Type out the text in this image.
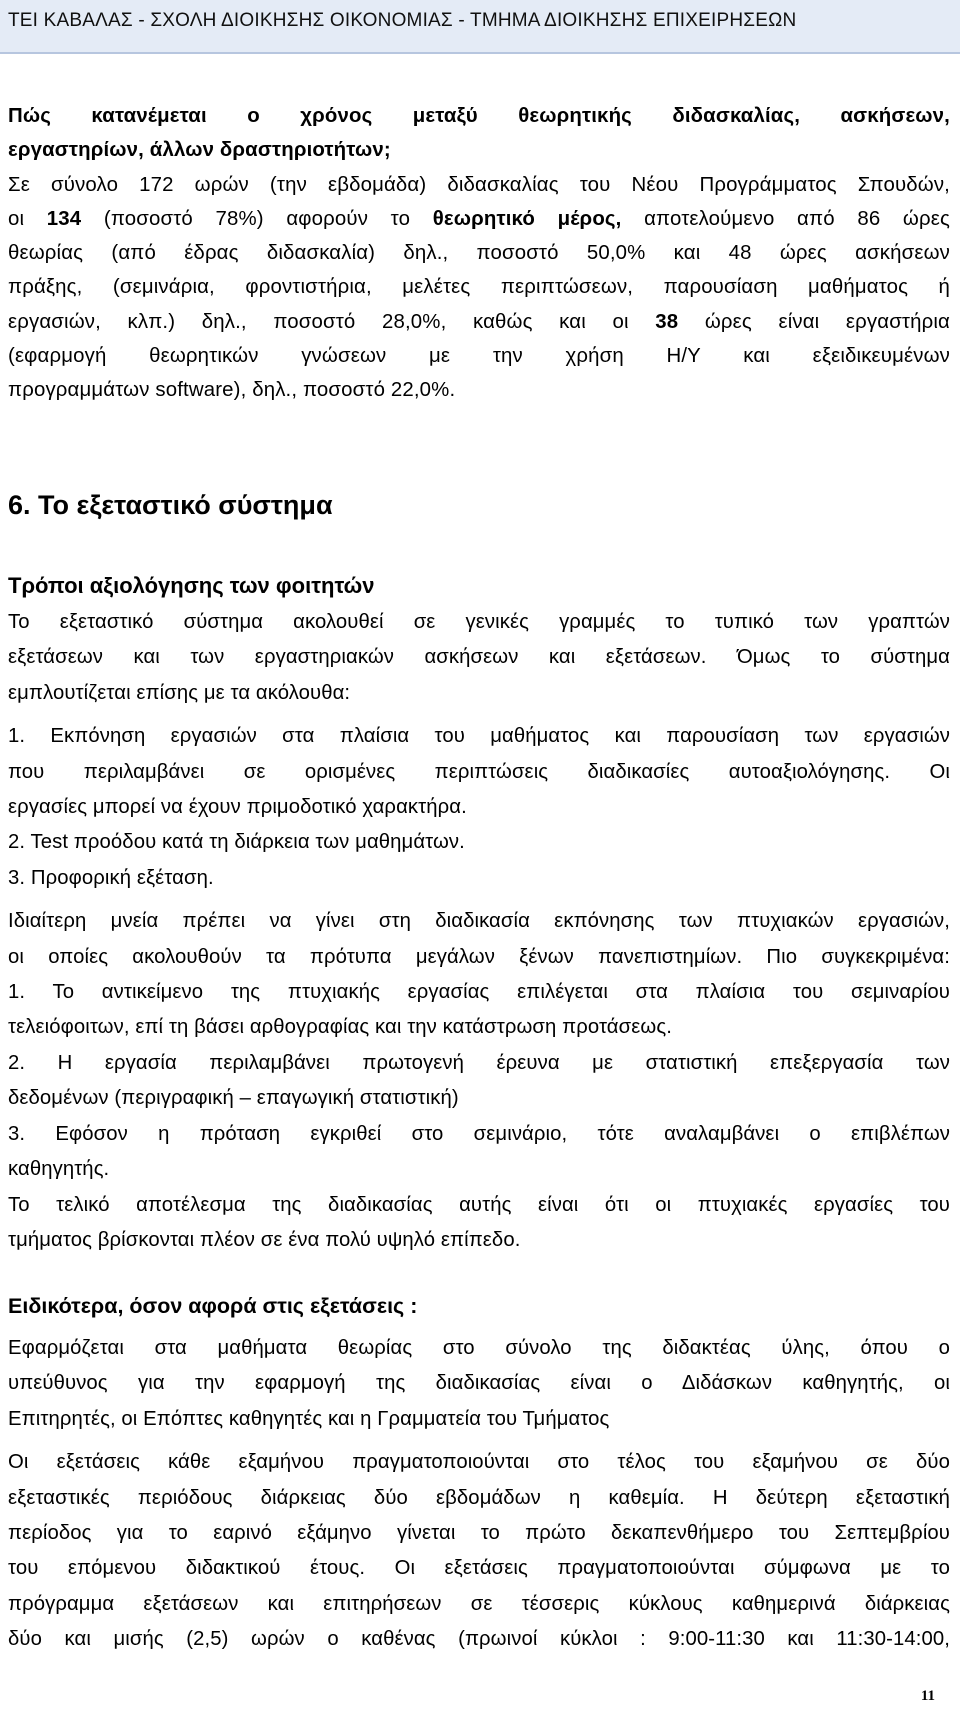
ΤΕΙ ΚΑΒΑΛΑΣ - ΣΧΟΛΗ ΔΙΟΙΚΗΣΗΣ ΟΙΚΟΝΟΜΙΑΣ - ΤΜΗΜΑ ΔΙΟΙΚΗΣΗΣ ΕΠΙΧΕΙΡΗΣΕΩΝ

Πώς κατανέμεται ο χρόνος μεταξύ θεωρητικής διδασκαλίας, ασκήσεων,

εργαστηρίων, άλλων δραστηριοτήτων;

Σε σύνολο 172 ωρών (την εβδομάδα) διδασκαλίας του Νέου Προγράμματος Σπουδών,

οι 134 (ποσοστό 78%) αφορούν το θεωρητικό μέρος, αποτελούμενο από 86 ώρες

θεωρίας (από έδρας διδασκαλία) δηλ., ποσοστό 50,0% και 48 ώρες ασκήσεων

πράξης, (σεμινάρια, φροντιστήρια, μελέτες περιπτώσεων, παρουσίαση μαθήματος ή

εργασιών, κλπ.) δηλ., ποσοστό 28,0%, καθώς και οι 38 ώρες είναι εργαστήρια

(εφαρμογή θεωρητικών γνώσεων με την χρήση Η/Υ και εξειδικευμένων

προγραμμάτων software), δηλ., ποσοστό 22,0%.

6. Το εξεταστικό σύστημα
Τρόποι αξιολόγησης των φοιτητών

Το εξεταστικό σύστημα ακολουθεί σε γενικές γραμμές το τυπικό των γραπτών

εξετάσεων και των εργαστηριακών ασκήσεων και εξετάσεων. Όμως το σύστημα

εμπλουτίζεται επίσης με τα ακόλουθα:

1. Εκπόνηση εργασιών στα πλαίσια του μαθήματος και παρουσίαση των εργασιών

που περιλαμβάνει σε ορισμένες περιπτώσεις διαδικασίες αυτοαξιολόγησης. Οι

εργασίες μπορεί να έχουν πριμοδοτικό χαρακτήρα.

2. Test προόδου κατά τη διάρκεια των μαθημάτων.

3. Προφορική εξέταση.

Ιδιαίτερη μνεία πρέπει να γίνει στη διαδικασία εκπόνησης των πτυχιακών εργασιών,

οι οποίες ακολουθούν τα πρότυπα μεγάλων ξένων πανεπιστημίων. Πιο συγκεκριμένα:

1. Το αντικείμενο της πτυχιακής εργασίας επιλέγεται στα πλαίσια του σεμιναρίου

τελειόφοιτων, επί τη βάσει αρθογραφίας και την κατάστρωση προτάσεως.

2. Η εργασία περιλαμβάνει πρωτογενή έρευνα με στατιστική επεξεργασία των

δεδομένων (περιγραφική – επαγωγική στατιστική)

3. Εφόσον η πρόταση εγκριθεί στο σεμινάριο, τότε αναλαμβάνει ο επιβλέπων

καθηγητής.

Το τελικό αποτέλεσμα της διαδικασίας αυτής είναι ότι οι πτυχιακές εργασίες του

τμήματος βρίσκονται πλέον σε ένα πολύ υψηλό επίπεδο.

Ειδικότερα, όσον αφορά στις εξετάσεις :

Εφαρμόζεται στα μαθήματα θεωρίας στο σύνολο της διδακτέας ύλης, όπου ο

υπεύθυνος για την εφαρμογή της διαδικασίας είναι ο Διδάσκων καθηγητής, οι

Επιτηρητές, οι Επόπτες καθηγητές και η Γραμματεία του Τμήματος

Οι εξετάσεις κάθε εξαμήνου πραγματοποιούνται στο τέλος του εξαμήνου σε δύο

εξεταστικές περιόδους διάρκειας δύο εβδομάδων η καθεμία. Η δεύτερη εξεταστική

περίοδος για το εαρινό εξάμηνο γίνεται το πρώτο δεκαπενθήμερο του Σεπτεμβρίου

του επόμενου διδακτικού έτους. Οι εξετάσεις πραγματοποιούνται σύμφωνα με το

πρόγραμμα εξετάσεων και επιτηρήσεων σε τέσσερις κύκλους καθημερινά διάρκειας

δύο και μισής (2,5) ωρών ο καθένας (πρωινοί κύκλοι : 9:00-11:30 και 11:30-14:00,

11
